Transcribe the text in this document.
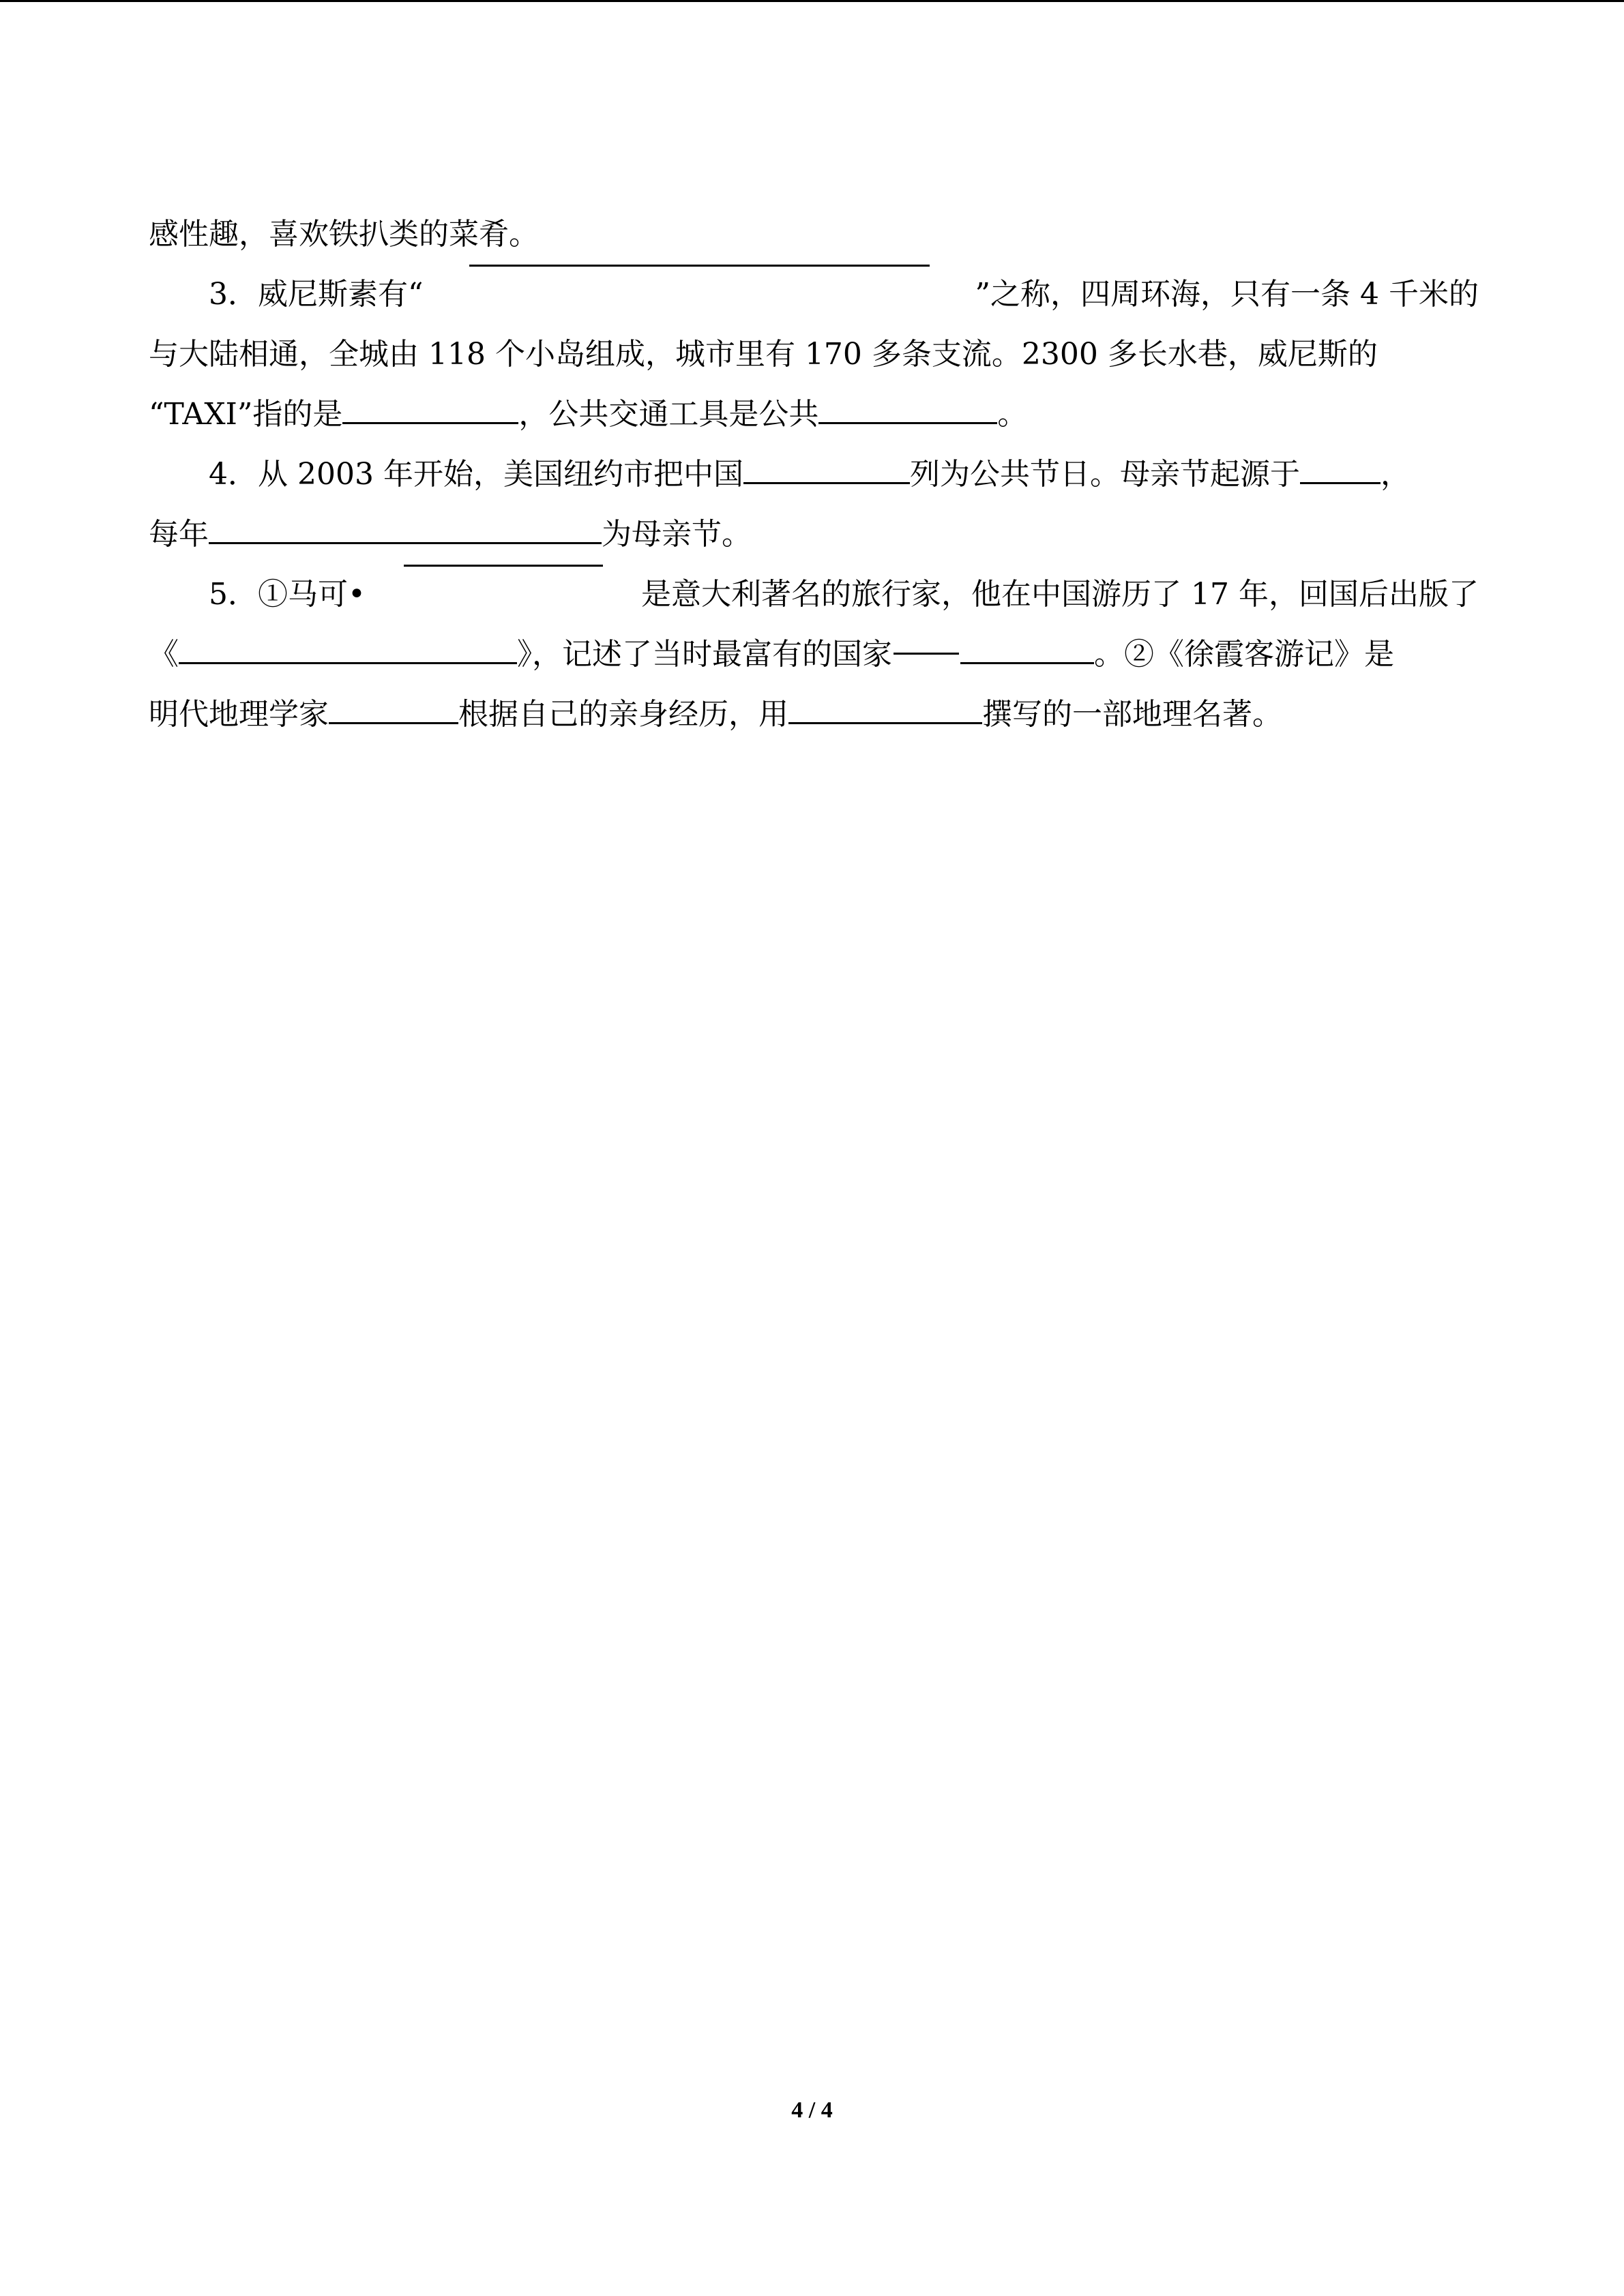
感性趣，喜欢铁扒类的菜肴。
3．威尼斯素有“	”之称，四周环海，只有一条 4 千米的
与大陆相通，全城由 118 个小岛组成，城市里有 170 多条支流。2300 多长水巷，威尼斯的
“TAXI”指的是	，公共交通工具是公共	。
4．从 2003 年开始，美国纽约市把中国	列为公共节日。母亲节起源于	，
每年	为母亲节。
5．①马可•	是意大利著名的旅行家，他在中国游历了 17 年，回国后出版了
《	》，记述了当时最富有的国家	。②《徐霞客游记》是
明代地理学家	根据自己的亲身经历，用	撰写的一部地理名著。
4 / 4
